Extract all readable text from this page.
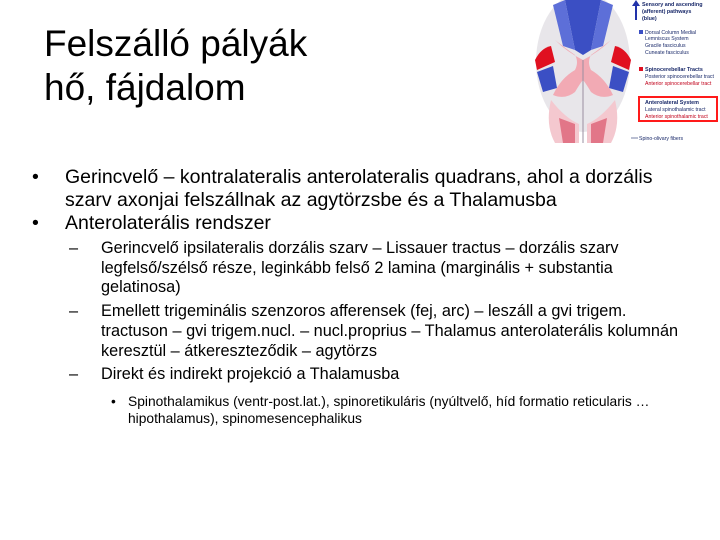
Felszálló pályák
hő, fájdalom
Sensory and ascending
(afferent) pathways
(blue)
Dorsal Column Medial
Lemniscus System
Gracile fasciculus
Cuneate fasciculus
Spinocerebellar Tracts
Posterior spinocerebellar tract
Anterior spinocerebellar tract
Anterolateral System
Lateral spinothalamic tract
Anterior spinothalamic tract
Spino-olivary fibers
•	Gerincvelő – kontralateralis anterolateralis quadrans, ahol a dorzális szarv axonjai felszállnak az agytörzsbe és a Thalamusba
•	Anterolaterális rendszer
–	Gerincvelő ipsilateralis dorzális szarv – Lissauer tractus – dorzális szarv legfelső/szélső része, leginkább felső 2 lamina (marginális + substantia gelatinosa)
–	Emellett trigeminális szenzoros afferensek (fej, arc) – leszáll a gvi trigem. tractuson – gvi trigem.nucl. – nucl.proprius – Thalamus anterolaterális kolumnán keresztül – átkereszteződik – agytörzs
–	Direkt és indirekt projekció a Thalamusba
• Spinothalamikus (ventr-post.lat.), spinoretikuláris (nyúltvelő, híd formatio reticularis … hipothalamus), spinomesencephalikus
